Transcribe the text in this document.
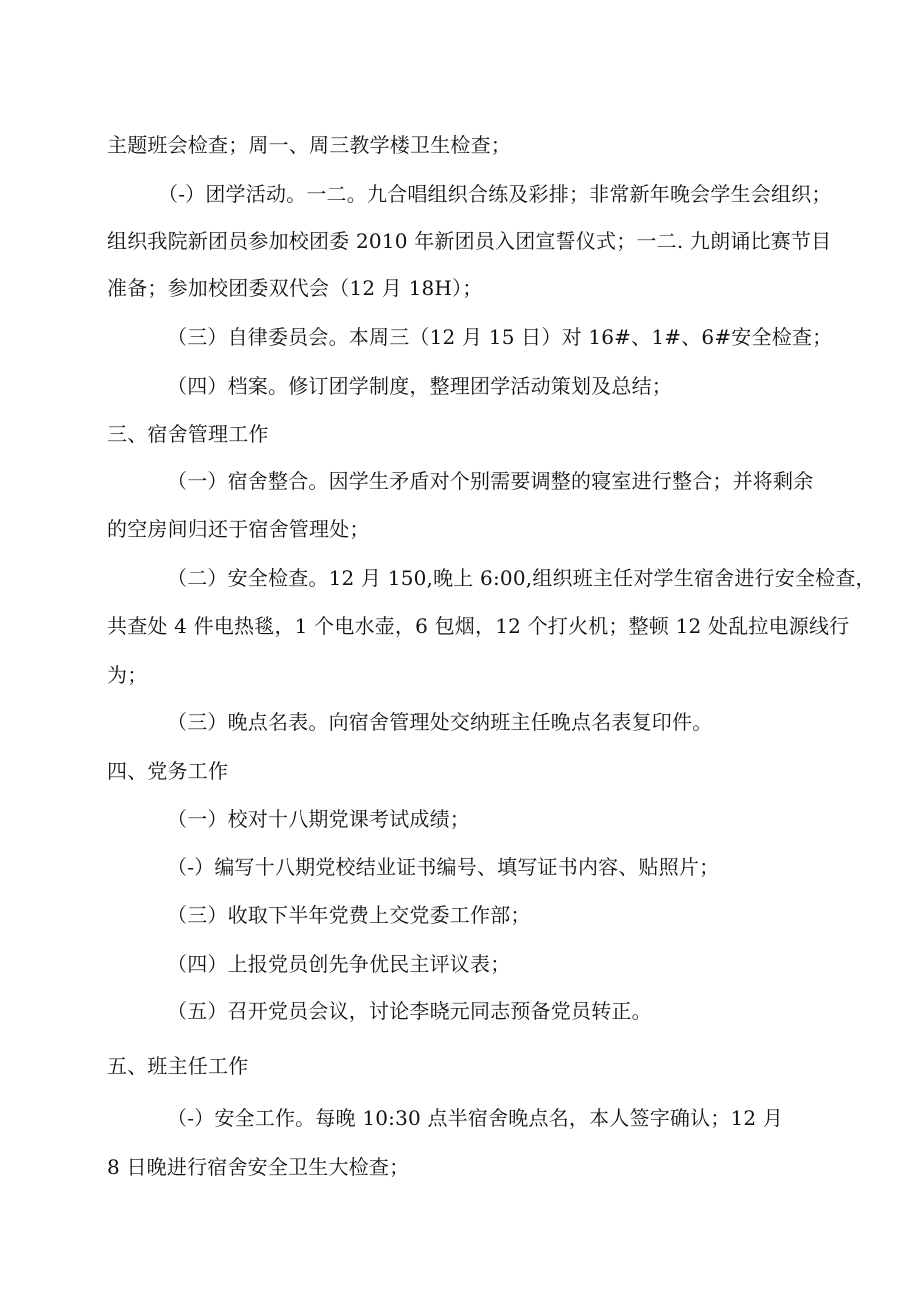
主题班会检查；周一、周三教学楼卫生检查；
（-）团学活动。一二。九合唱组织合练及彩排；非常新年晚会学生会组织；
组织我院新团员参加校团委 2010 年新团员入团宣誓仪式；一二. 九朗诵比赛节目
准备；参加校团委双代会（12 月 18H）；
（三）自律委员会。本周三（12 月 15 日）对 16#、1#、6#安全检查；
（四）档案。修订团学制度，整理团学活动策划及总结；
三、宿舍管理工作
（一）宿舍整合。因学生矛盾对个别需要调整的寝室进行整合；并将剩余
的空房间归还于宿舍管理处；
（二）安全检查。12 月 150,晚上 6:00,组织班主任对学生宿舍进行安全检查，
共查处 4 件电热毯，1 个电水壶，6 包烟，12 个打火机；整顿 12 处乱拉电源线行
为；
（三）晚点名表。向宿舍管理处交纳班主任晚点名表复印件。
四、党务工作
（一）校对十八期党课考试成绩；
（-）编写十八期党校结业证书编号、填写证书内容、贴照片；
（三）收取下半年党费上交党委工作部；
（四）上报党员创先争优民主评议表；
（五）召开党员会议，讨论李晓元同志预备党员转正。
五、班主任工作
（-）安全工作。每晚 10:30 点半宿舍晚点名，本人签字确认；12 月
8 日晚进行宿舍安全卫生大检查；
